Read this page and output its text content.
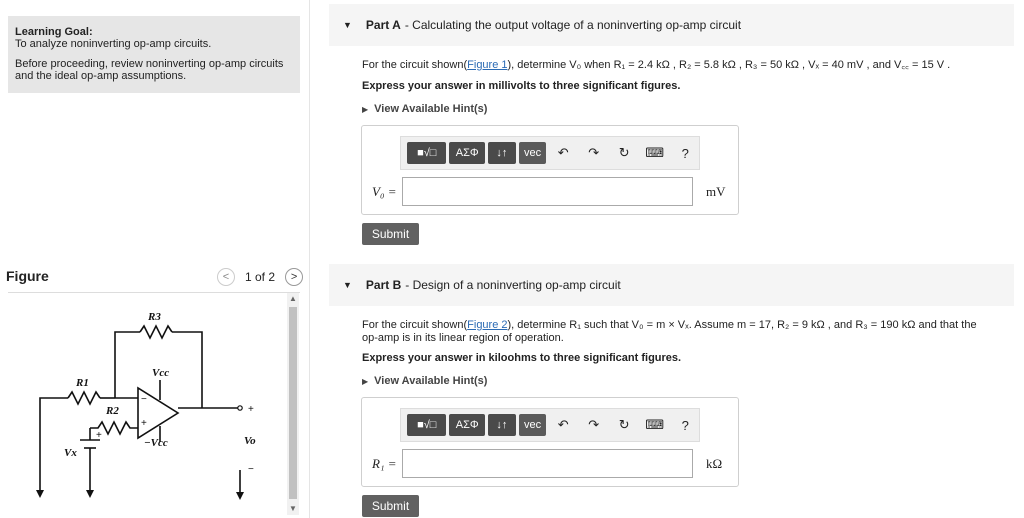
Learning Goal:
To analyze noninverting op-amp circuits.
Before proceeding, review noninverting op-amp circuits
and the ideal op-amp assumptions.
Figure	<	1 of 2	>
R3
R1
R2
Vcc
−Vcc
Vx
Vo
+
+
−
−
+
▲
▼
▼ Part A - Calculating the output voltage of a noninverting op-amp circuit
For the circuit shown(Figure 1), determine V₀ when R₁ = 2.4 kΩ , R₂ = 5.8 kΩ , R₃ = 50 kΩ , Vₓ = 40 mV , and V꜀꜀ = 15 V .
Express your answer in millivolts to three significant figures.
▶ View Available Hint(s)
■√□	ΑΣΦ	↓↑	vec	↶	↷	↻	⌨	?
V₀ =	mV
Submit
▼ Part B - Design of a noninverting op-amp circuit
For the circuit shown(Figure 2), determine R₁ such that V₀ = m × Vₓ. Assume m = 17, R₂ = 9 kΩ , and R₃ = 190 kΩ and that the
op-amp is in its linear region of operation.
Express your answer in kiloohms to three significant figures.
▶ View Available Hint(s)
■√□	ΑΣΦ	↓↑	vec	↶	↷	↻	⌨	?
R₁ =	kΩ
Submit
